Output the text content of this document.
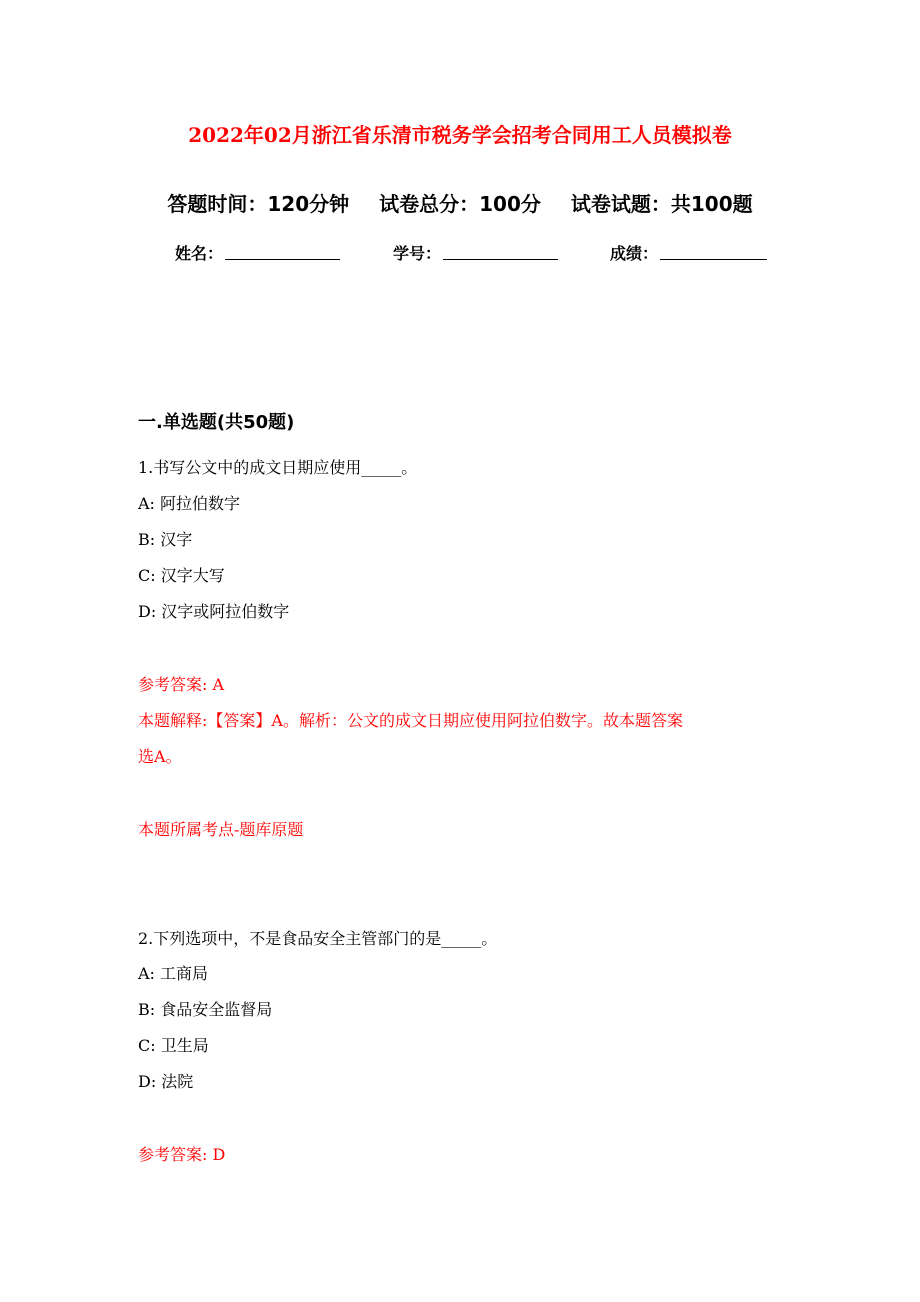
2022年02月浙江省乐清市税务学会招考合同用工人员模拟卷
答题时间：120分钟 试卷总分：100分 试卷试题：共100题
姓名：	学号：	成绩：
一.单选题(共50题)
1.书写公文中的成文日期应使用_____。
A: 阿拉伯数字
B: 汉字
C: 汉字大写
D: 汉字或阿拉伯数字
参考答案: A
本题解释:【答案】A。解析：公文的成文日期应使用阿拉伯数字。故本题答案
选A。
本题所属考点-题库原题
2.下列选项中，不是食品安全主管部门的是_____。
A: 工商局
B: 食品安全监督局
C: 卫生局
D: 法院
参考答案: D
